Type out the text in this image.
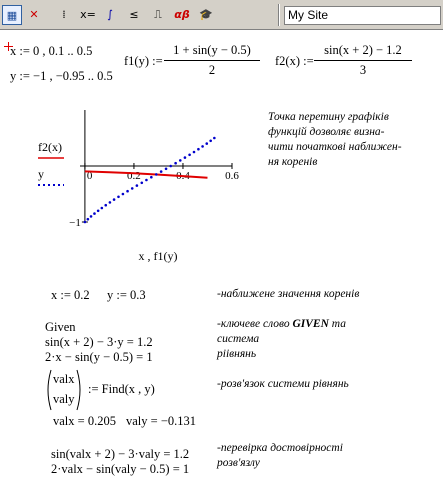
▦	✕	⁞	x=	∫	≤	⎍	αβ 🎓	My Site
x := 0 , 0.1 .. 0.5
y := −1 , −0.95 .. 0.5
f1(y) := $\frac{1 + \sin(y - 0.5)}{2} f2(x)$ := $\frac{\sin(x + 2) - 1.2}{3}$
0	0.2	0.4	0.6
−1
f2(x)
y
x , f1(y)
Точка перетину графіків
функцій дозволяє визна-
чити початкові наближен-
ня коренів
x := 0.2 y := 0.3	-наближене значення коренів
Given
sin(x + 2) − 3·y = 1.2
2·x − sin(y − 0.5) = 1
-ключеве слово GIVEN та
система
рiівнянь
valx
valy
:= Find(x , y)	-розв'язок системи рівнянь
valx = 0.205 valy = −0.131
sin(valx + 2) − 3·valy = 1.2
2·valx − sin(valy − 0.5) = 1
-перевірка достовірності
розв'язлу
